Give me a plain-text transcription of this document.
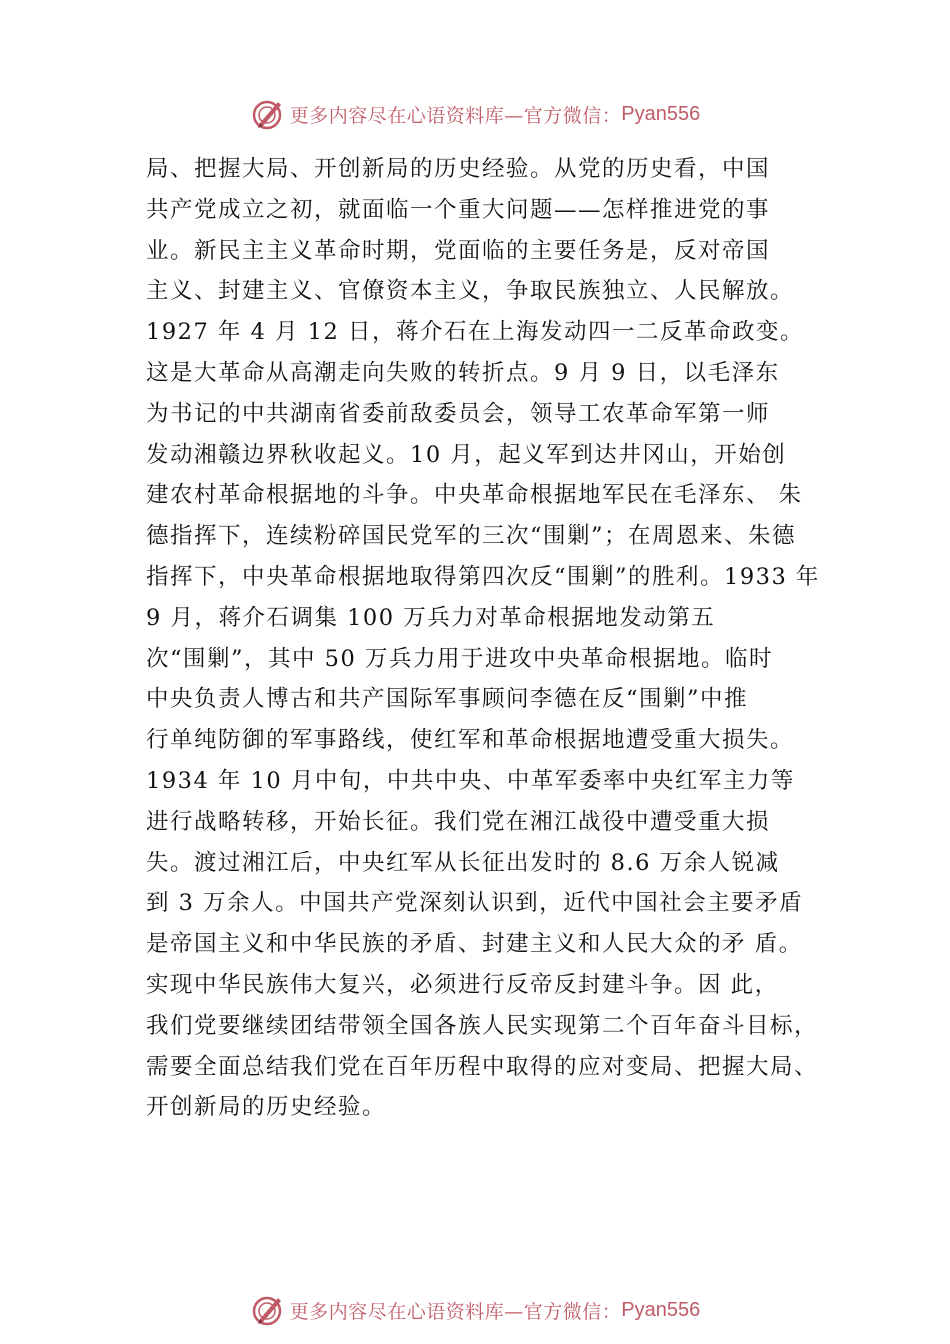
更多内容尽在心语资料库—官方微信： Pyan556
局、把握大局、开创新局的历史经验。从党的历史看，中国
共产党成立之初，就面临一个重大问题——怎样推进党的事
业。新民主主义革命时期，党面临的主要任务是，反对帝国
主义、封建主义、官僚资本主义，争取民族独立、人民解放。
1927 年 4 月 12 日，蒋介石在上海发动四一二反革命政变。
这是大革命从高潮走向失败的转折点。9 月 9 日，以毛泽东
为书记的中共湖南省委前敌委员会，领导工农革命军第一师
发动湘赣边界秋收起义。10 月，起义军到达井冈山，开始创
建农村革命根据地的斗争。中央革命根据地军民在毛泽东、 朱
德指挥下，连续粉碎国民党军的三次“围剿”；在周恩来、朱德
指挥下，中央革命根据地取得第四次反“围剿”的胜利。1933 年
9 月，蒋介石调集 100 万兵力对革命根据地发动第五
次“围剿”，其中 50 万兵力用于进攻中央革命根据地。临时
中央负责人博古和共产国际军事顾问李德在反“围剿”中推
行单纯防御的军事路线，使红军和革命根据地遭受重大损失。
1934 年 10 月中旬，中共中央、中革军委率中央红军主力等
进行战略转移，开始长征。我们党在湘江战役中遭受重大损
失。渡过湘江后，中央红军从长征出发时的 8.6 万余人锐减
到 3 万余人。中国共产党深刻认识到，近代中国社会主要矛盾
是帝国主义和中华民族的矛盾、封建主义和人民大众的矛 盾。
实现中华民族伟大复兴，必须进行反帝反封建斗争。因 此，
我们党要继续团结带领全国各族人民实现第二个百年奋斗目标，
需要全面总结我们党在百年历程中取得的应对变局、把握大局、
开创新局的历史经验。
更多内容尽在心语资料库—官方微信： Pyan556
